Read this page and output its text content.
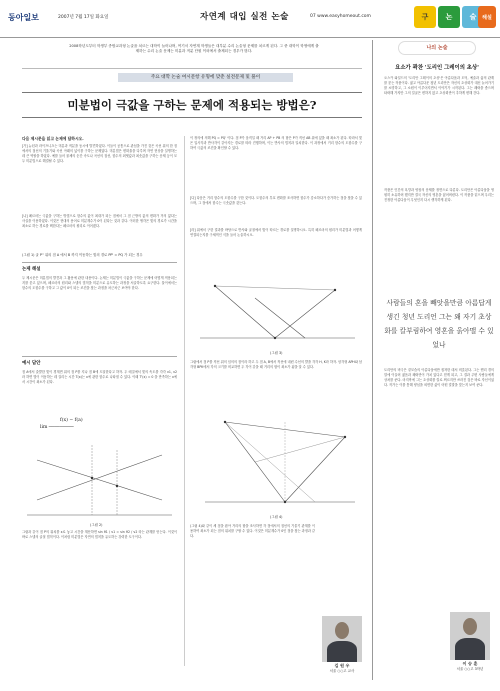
동아일보	2007년 7월 17일 화요일	자연계 대입 실전 논술	07 www.easyhomeout.com	구	논	술	해설
2008학년도부터 학생부 종합교과형 논술을 치르는 대학이 늘어나며, 여기서 자연계 학생들은 대부분 수리 논술형 문제를 치르게 된다. 그 중 대학이 학생에게 출제하는 수리 논술 문제는 미분과 적분 단원 이외에서 출제되는 경우가 많다.
주요 대학 논술 여시문항 유형에 맞춘 실전문제 및 풀이
미분법이 극값을 구하는 문제에 적용되는 방법은?
다음 제시문을 읽고 논제에 답하시오.
[가] 뉴턴과 라이프니츠는 미분과 적분을 동시에 발견하였다. 이들이 공통으로 관심을 가진 것은 곡선 위의 한 점에서의 접선의 기울기와 곡선 아래의 넓이를 구하는 문제였다. 미분법은 변화율을 다루며 자연 현상을 설명하는 데 큰 역할을 하였다. 예를 들어 물체의 순간 속도나 곡선의 접선, 함수의 최댓값과 최솟값을 구하는 문제 등이 모두 미분법으로 해결될 수 있다.
[나] 페르마는 극값을 구하는 방법으로 함수의 값이 최대가 되는 점에서 그 점 근방의 값의 변화가 거의 없다는 사실을 이용하였다. 이것은 현대의 용어로 미분계수가 0이 된다는 것과 같다. 이러한 생각은 빛의 경로가 시간을 최소로 하는 경로를 택한다는 페르마의 원리로 이어졌다.
(그림 1) 굴 P'' 위의 점 A 에서 B 까지 이동하는 빛의 경로 PP' = PQ 가 되는 경우
논제 해설
두 제시문은 미분법의 발견과 그 활용에 관한 내용이다. 논제는 미분법이 극값을 구하는 문제에 어떻게 적용되는지를 묻고 있으며, 페르마의 원리와 스넬의 법칙을 미분으로 유도하는 과정을 서술하도록 요구한다. 풀이에서는 함수의 도함수를 구하고 그 값이 0이 되는 조건을 찾는 과정을 차근차근 보여야 한다.
예시 답안
점 A에서 출발한 빛이 경계면 위의 점 P를 지나 점 B에 도달한다고 하자. 두 매질에서 빛의 속도를 각각 v1, v2라 하면 빛이 이동하는 데 걸리는 시간 T(x)는 x에 관한 함수로 나타낼 수 있다. 이때 T'(x) = 0 을 만족하는 x에서 시간이 최소가 된다.
f(x) − f(a)
lim ─────────
(그림 2)
그림과 같이 점 P의 위치를 x로 놓고 시간을 계산하면 sin θ1 / v1 = sin θ2 / v2 라는 관계를 얻는다. 이것이 바로 스넬의 굴절 법칙이다. 이처럼 미분법은 자연의 법칙을 유도하는 강력한 도구이다.
이 정의에 의해 PQ = PQ' 이다. 점 P가 움직일 때 거리 AP + PB 의 합은 P가 직선 AB 위에 있을 때 최소가 된다. 따라서 빛은 입사각과 반사각이 같아지는 경로를 따라 진행하며, 이는 반사의 법칙과 일치한다. 이 과정에서 거리 함수의 도함수를 구하여 극값의 조건을 확인할 수 있다.
[다] 다음은 거리 함수의 도함수를 구한 것이다. 도함수의 부호 변화를 조사하면 함수가 감소하다가 증가하는 점을 찾을 수 있으며, 그 점에서 함수는 극솟값을 갖는다.
[라] 위에서 구한 결과를 바탕으로 반사와 굴절에서 빛이 따르는 경로를 설명하시오. 특히 페르마의 원리가 미분법과 어떻게 연결되는지를 구체적인 식을 들어 논술하시오.
(그림 3)
그림에서 점 P를 직선 위의 임의의 점이라 하고 두 점 A, B에서 직선에 내린 수선의 발을 각각 H, K라 하자. 삼각형 APH와 삼각형 BPK에서 각의 크기를 비교하면 두 각이 같을 때 거리의 합이 최소가 됨을 알 수 있다.
(그림 4)
(그림 4)와 같이 세 점을 잡아 거리의 합을 조사하면 각 점에서의 접선의 기울기 관계를 이용하여 최소가 되는 점의 위치를 구할 수 있다. 이것은 미분계수가 0인 점을 찾는 과정과 같다.
김 원 우
서울 ○○고 교사
나의 논술
요소가 꽉찬 '도리인 그레이의 초상'
오스카 와일드의 '도리안 그레이의 초상'은 아름다움과 도덕, 예술과 삶의 관계를 묻는 작품이다. 젊고 아름다운 청년 도리안은 자신의 초상화가 대신 늙어가기를 소망하고, 그 소원이 이루어지면서 이야기가 시작된다. 그는 쾌락을 좇으며 타락해 가지만 그의 얼굴은 변하지 않고 초상화만이 추하게 변해 간다.
작품은 인간의 욕망과 양심의 문제를 정면으로 다룬다. 도리안은 아름다움을 영원히 소유하려 했지만 결국 자신의 영혼을 잃어버린다. 이 작품을 읽으며 우리는 진정한 아름다움이 무엇인지 다시 생각하게 된다.
사람들의 혼을 빼앗을만큼 아름답게 생긴 청년 도리언 그는 왜 자기 초상화를 칼부림하여 영혼을 옭아맬 수 있었나
도리안의 비극은 겉모습의 아름다움에만 집착한 데서 비롯된다. 그는 헨리 경의 말에 이끌려 젊음과 쾌락만이 가치 있다고 믿게 되고, 그 결과 주변 사람들에게 상처를 준다. 마지막에 그는 초상화를 칼로 찌르지만 쓰러진 것은 바로 자신이었다. 작가는 이를 통해 양심을 외면한 삶이 어떤 결말을 맞는지 보여 준다.
이 승 훈
서울 ○○고 3학년
